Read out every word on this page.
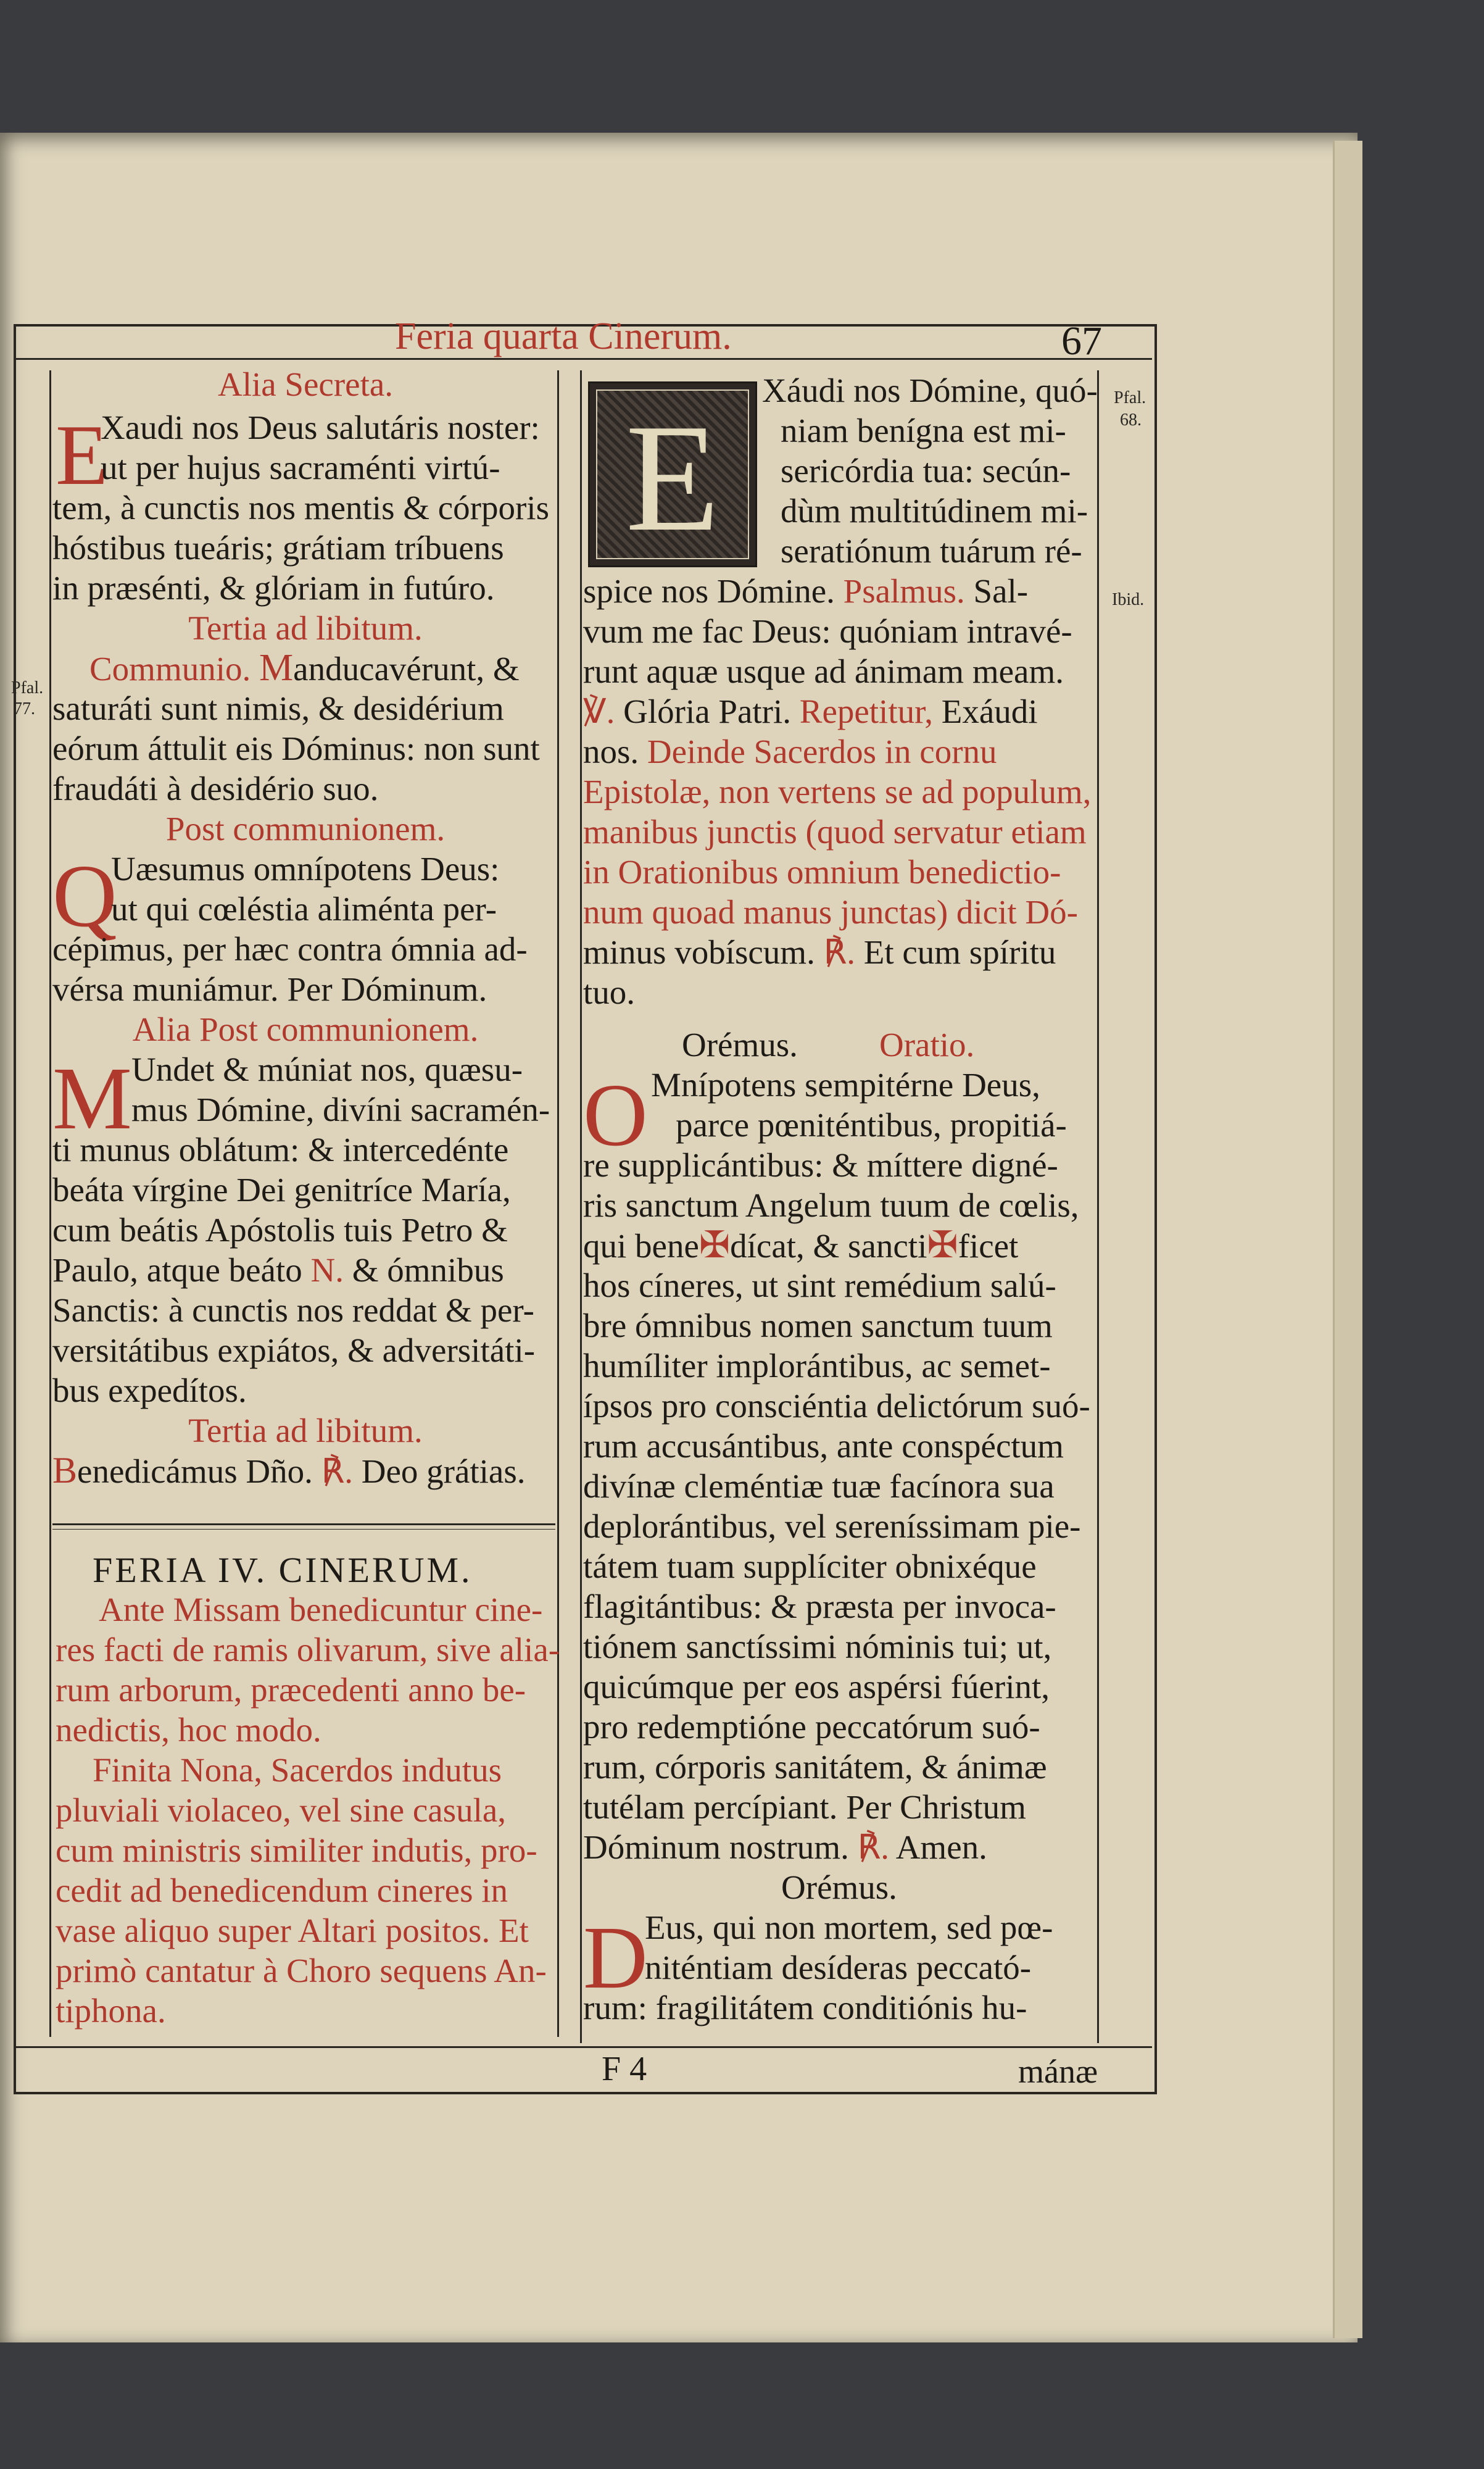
Feria quarta Cinerum.	67
Pfal.
77.
Pfal.
68.
Ibid.
Alia Secreta.
E
Xaudi nos Deus salutáris noster:
ut per hujus sacraménti virtú-
tem, à cunctis nos mentis & córporis
hóstibus tueáris; grátiam tríbuens
in præsénti, & glóriam in futúro.
Tertia ad libitum.
Communio. Manducavérunt, &
saturáti sunt nimis, & desidérium
eórum áttulit eis Dóminus: non sunt
fraudáti à desidério suo.
Post communionem.
Q
Uæsumus omnípotens Deus:
ut qui cœléstia aliménta per-
cépimus, per hæc contra ómnia ad-
vérsa muniámur. Per Dóminum.
Alia Post communionem.
M Undet & múniat nos, quæsu-
mus Dómine, divíni sacramén-
ti munus oblátum: & intercedénte
beáta vírgine Dei genitríce María,
cum beátis Apóstolis tuis Petro &
Paulo, atque beáto N. & ómnibus
Sanctis: à cunctis nos reddat & per-
versitátibus expiátos, & adversitáti-
bus expedítos.
Tertia ad libitum.
Benedicámus Dño. ℟. Deo grátias.
FERIA IV. CINERUM.
Ante Missam benedicuntur cine-
res facti de ramis olivarum, sive alia-
rum arborum, præcedenti anno be-
nedictis, hoc modo.
Finita Nona, Sacerdos indutus
pluviali violaceo, vel sine casula,
cum ministris similiter indutis, pro-
cedit ad benedicendum cineres in
vase aliquo super Altari positos. Et
primò cantatur à Choro sequens An-
tiphona.
E
Xáudi nos Dómine, quó-
niam benígna est mi-
sericórdia tua: secún-
dùm multitúdinem mi-
seratiónum tuárum ré-
spice nos Dómine. Psalmus. Sal-
vum me fac Deus: quóniam intravé-
runt aquæ usque ad ánimam meam.
℣. Glória Patri. Repetitur, Exáudi
nos. Deinde Sacerdos in cornu
Epistolæ, non vertens se ad populum,
manibus junctis (quod servatur etiam
in Orationibus omnium benedictio-
num quoad manus junctas) dicit Dó-
minus vobíscum. ℟. Et cum spíritu
tuo.
Orémus. Oratio.
O Mnípotens sempitérne Deus,
parce pœniténtibus, propitiá-
re supplicántibus: & míttere digné-
ris sanctum Angelum tuum de cœlis,
qui bene✠dícat, & sancti✠ficet
hos cíneres, ut sint remédium salú-
bre ómnibus nomen sanctum tuum
humíliter implorántibus, ac semet-
ípsos pro consciéntia delictórum suó-
rum accusántibus, ante conspéctum
divínæ cleméntiæ tuæ facínora sua
deplorántibus, vel sereníssimam pie-
tátem tuam supplíciter obnixéque
flagitántibus: & præsta per invoca-
tiónem sanctíssimi nóminis tui; ut,
quicúmque per eos aspérsi fúerint,
pro redemptióne peccatórum suó-
rum, córporis sanitátem, & ánimæ
tutélam percípiant. Per Christum
Dóminum nostrum. ℟. Amen.
Orémus.
D
Eus, qui non mortem, sed pœ-
niténtiam desíderas peccató-
rum: fragilitátem conditiónis hu-
F 4	mánæ
